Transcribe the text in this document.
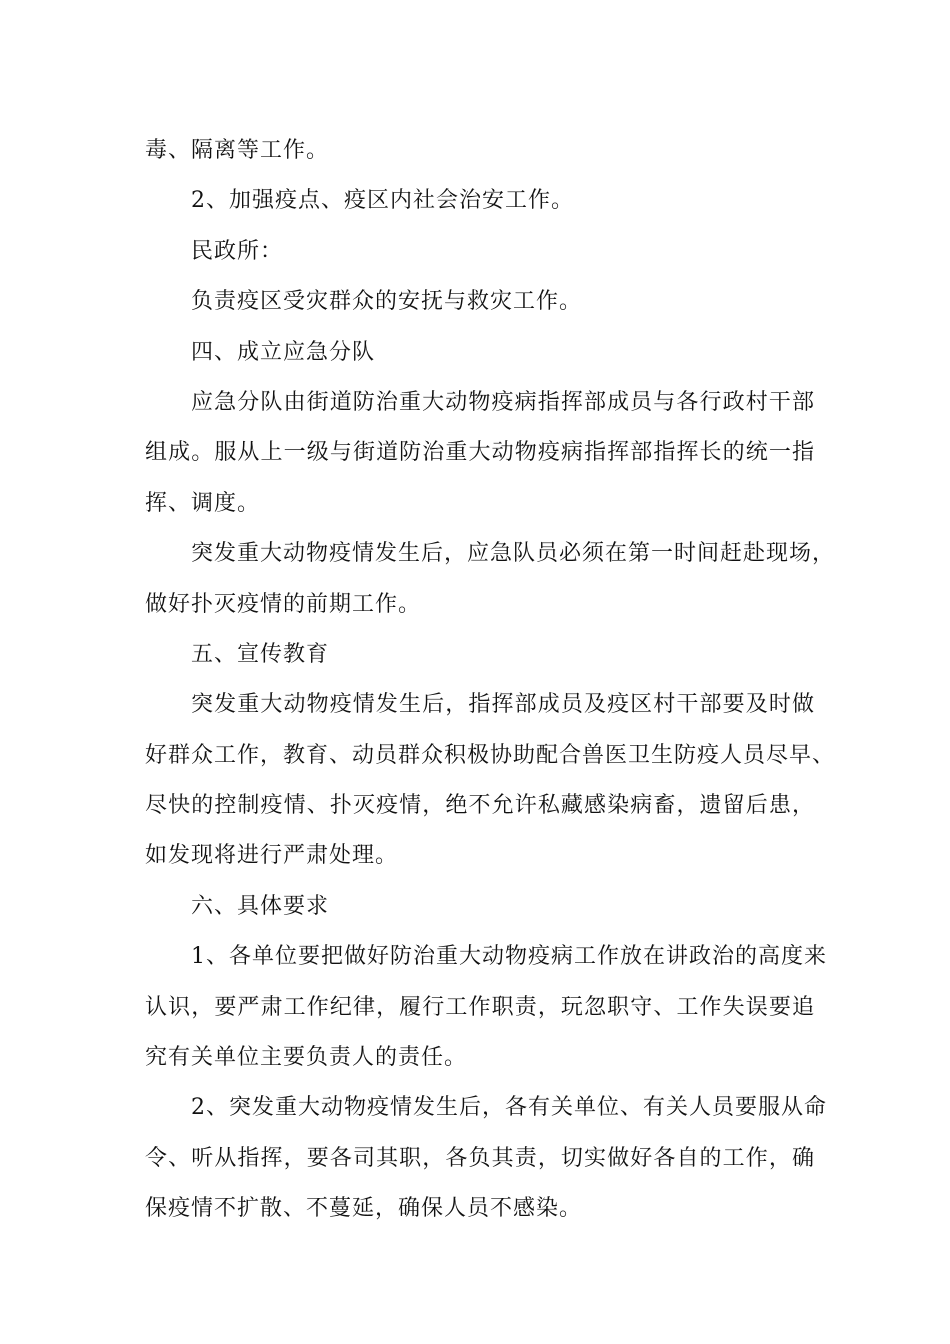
毒、隔离等工作。
2、加强疫点、疫区内社会治安工作。
民政所：
负责疫区受灾群众的安抚与救灾工作。
四、成立应急分队
应急分队由街道防治重大动物疫病指挥部成员与各行政村干部
组成。服从上一级与街道防治重大动物疫病指挥部指挥长的统一指
挥、调度。
突发重大动物疫情发生后，应急队员必须在第一时间赶赴现场，
做好扑灭疫情的前期工作。
五、宣传教育
突发重大动物疫情发生后，指挥部成员及疫区村干部要及时做
好群众工作，教育、动员群众积极协助配合兽医卫生防疫人员尽早、
尽快的控制疫情、扑灭疫情，绝不允许私藏感染病畜，遗留后患，
如发现将进行严肃处理。
六、具体要求
1、各单位要把做好防治重大动物疫病工作放在讲政治的高度来
认识，要严肃工作纪律，履行工作职责，玩忽职守、工作失误要追
究有关单位主要负责人的责任。
2、突发重大动物疫情发生后，各有关单位、有关人员要服从命
令、听从指挥，要各司其职，各负其责，切实做好各自的工作，确
保疫情不扩散、不蔓延，确保人员不感染。
